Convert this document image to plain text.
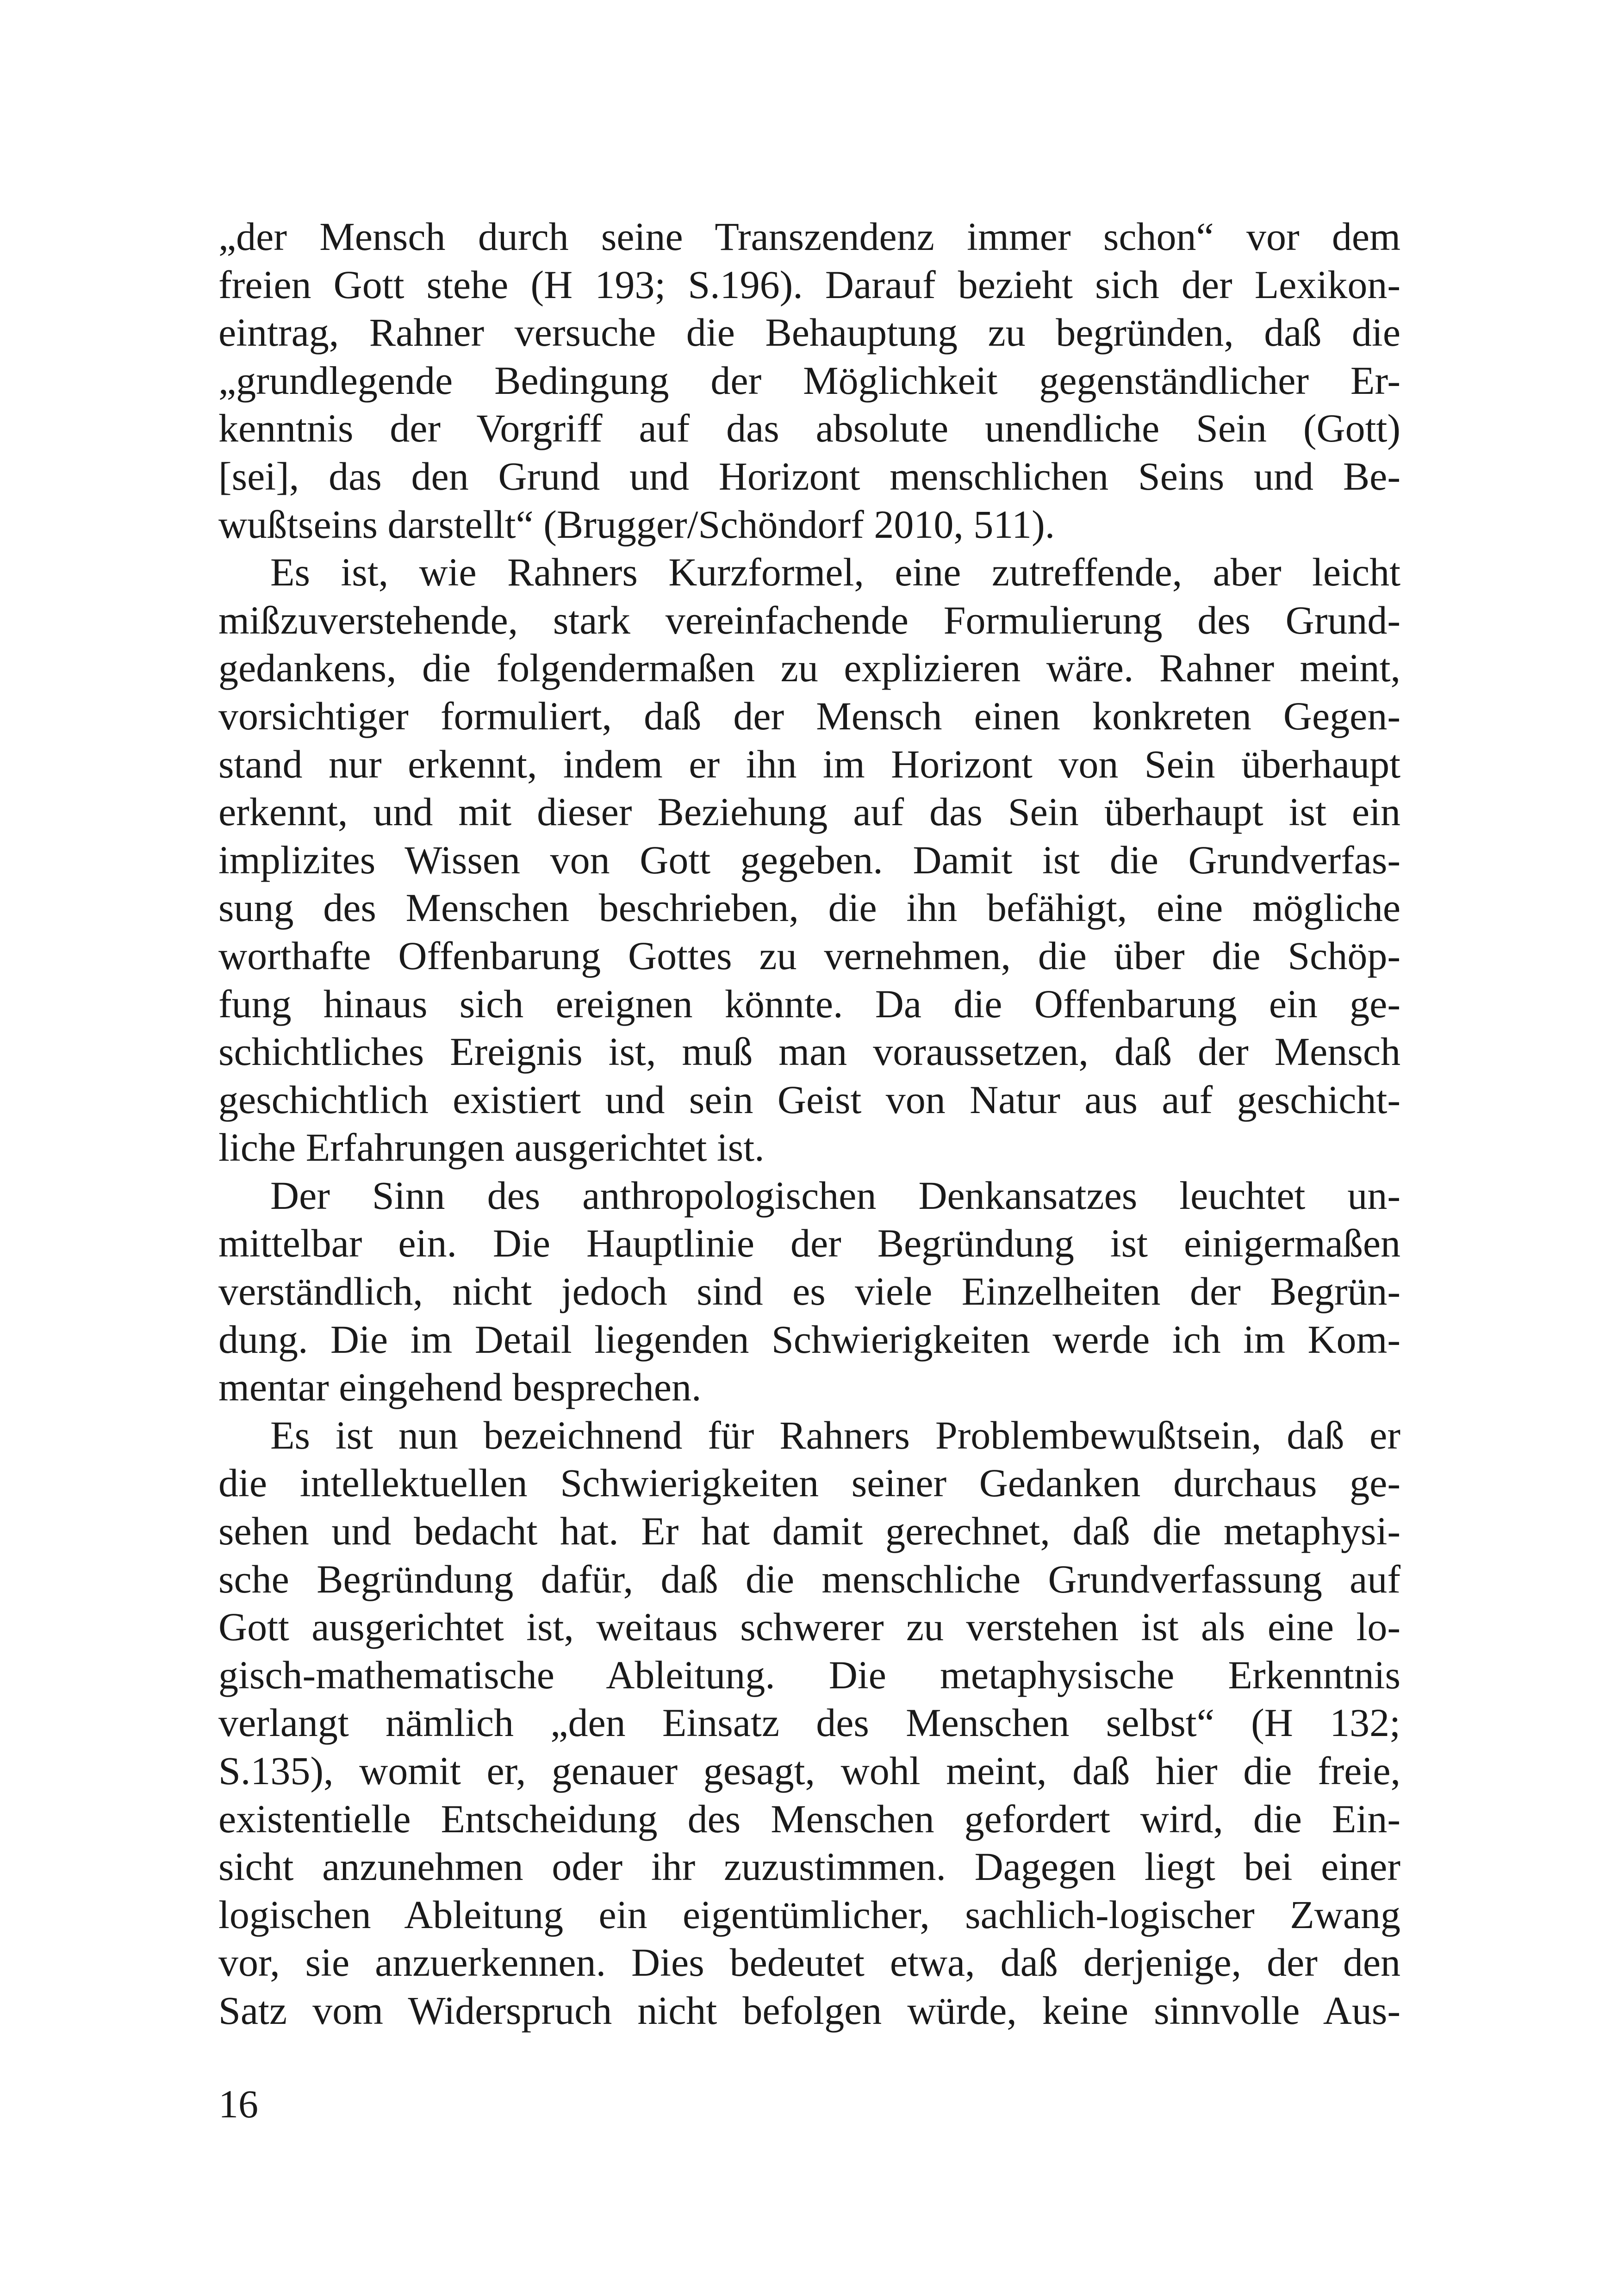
„der Mensch durch seine Transzendenz immer schon“ vor dem
freien Gott stehe (H 193; S.196). Darauf bezieht sich der Lexikon-
eintrag, Rahner versuche die Behauptung zu begründen, daß die
„grundlegende Bedingung der Möglichkeit gegenständlicher Er-
kenntnis der Vorgriff auf das absolute unendliche Sein (Gott)
[sei], das den Grund und Horizont menschlichen Seins und Be-
wußtseins darstellt“ (Brugger/Schöndorf 2010, 511).
Es ist, wie Rahners Kurzformel, eine zutreffende, aber leicht
mißzuverstehende, stark vereinfachende Formulierung des Grund-
gedankens, die folgendermaßen zu explizieren wäre. Rahner meint,
vorsichtiger formuliert, daß der Mensch einen konkreten Gegen-
stand nur erkennt, indem er ihn im Horizont von Sein überhaupt
erkennt, und mit dieser Beziehung auf das Sein überhaupt ist ein
implizites Wissen von Gott gegeben. Damit ist die Grundverfas-
sung des Menschen beschrieben, die ihn befähigt, eine mögliche
worthafte Offenbarung Gottes zu vernehmen, die über die Schöp-
fung hinaus sich ereignen könnte. Da die Offenbarung ein ge-
schichtliches Ereignis ist, muß man voraussetzen, daß der Mensch
geschichtlich existiert und sein Geist von Natur aus auf geschicht-
liche Erfahrungen ausgerichtet ist.
Der Sinn des anthropologischen Denkansatzes leuchtet un-
mittelbar ein. Die Hauptlinie der Begründung ist einigermaßen
verständlich, nicht jedoch sind es viele Einzelheiten der Begrün-
dung. Die im Detail liegenden Schwierigkeiten werde ich im Kom-
mentar eingehend besprechen.
Es ist nun bezeichnend für Rahners Problembewußtsein, daß er
die intellektuellen Schwierigkeiten seiner Gedanken durchaus ge-
sehen und bedacht hat. Er hat damit gerechnet, daß die metaphysi-
sche Begründung dafür, daß die menschliche Grundverfassung auf
Gott ausgerichtet ist, weitaus schwerer zu verstehen ist als eine lo-
gisch-mathematische Ableitung. Die metaphysische Erkenntnis
verlangt nämlich „den Einsatz des Menschen selbst“ (H 132;
S.135), womit er, genauer gesagt, wohl meint, daß hier die freie,
existentielle Entscheidung des Menschen gefordert wird, die Ein-
sicht anzunehmen oder ihr zuzustimmen. Dagegen liegt bei einer
logischen Ableitung ein eigentümlicher, sachlich-logischer Zwang
vor, sie anzuerkennen. Dies bedeutet etwa, daß derjenige, der den
Satz vom Widerspruch nicht befolgen würde, keine sinnvolle Aus-
16
